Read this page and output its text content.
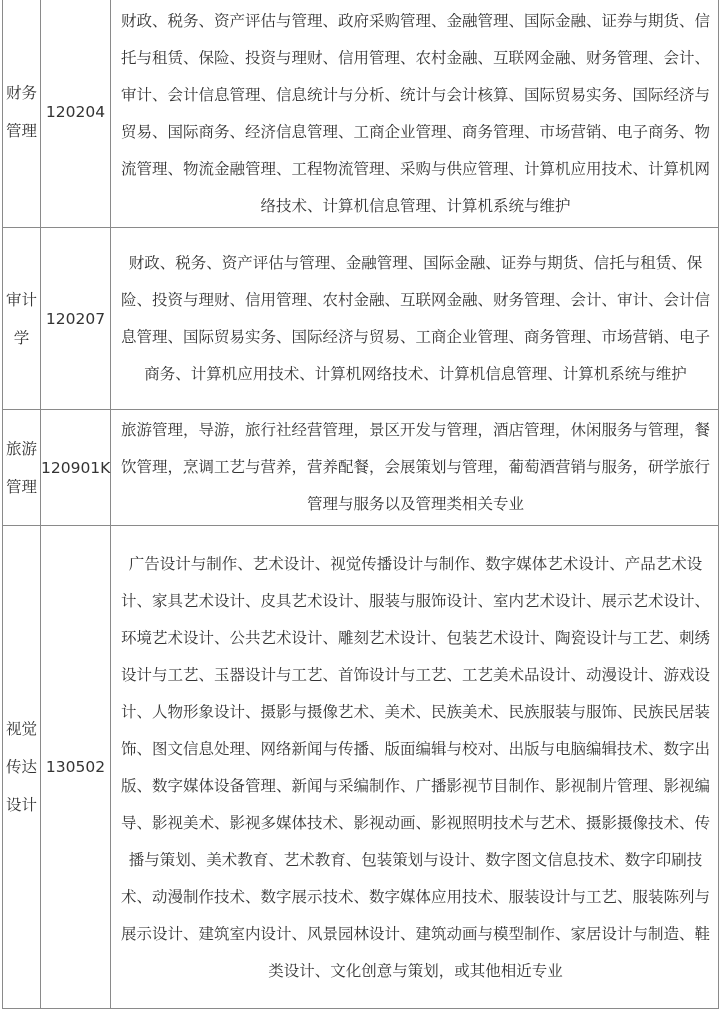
财务管理	120204	财政、税务、资产评估与管理、政府采购管理、金融管理、国际金融、证券与期货、信托与租赁、保险、投资与理财、信用管理、农村金融、互联网金融、财务管理、会计、审计、会计信息管理、信息统计与分析、统计与会计核算、国际贸易实务、国际经济与贸易、国际商务、经济信息管理、工商企业管理、商务管理、市场营销、电子商务、物流管理、物流金融管理、工程物流管理、采购与供应管理、计算机应用技术、计算机网络技术、计算机信息管理、计算机系统与维护
审计学	120207	财政、税务、资产评估与管理、金融管理、国际金融、证券与期货、信托与租赁、保险、投资与理财、信用管理、农村金融、互联网金融、财务管理、会计、审计、会计信息管理、国际贸易实务、国际经济与贸易、工商企业管理、商务管理、市场营销、电子商务、计算机应用技术、计算机网络技术、计算机信息管理、计算机系统与维护
旅游管理	120901K	旅游管理，导游，旅行社经营管理，景区开发与管理，酒店管理，休闲服务与管理，餐饮管理，烹调工艺与营养，营养配餐，会展策划与管理，葡萄酒营销与服务，研学旅行管理与服务以及管理类相关专业
视觉传达设计	130502	广告设计与制作、艺术设计、视觉传播设计与制作、数字媒体艺术设计、产品艺术设计、家具艺术设计、皮具艺术设计、服装与服饰设计、室内艺术设计、展示艺术设计、环境艺术设计、公共艺术设计、雕刻艺术设计、包装艺术设计、陶瓷设计与工艺、刺绣设计与工艺、玉器设计与工艺、首饰设计与工艺、工艺美术品设计、动漫设计、游戏设计、人物形象设计、摄影与摄像艺术、美术、民族美术、民族服装与服饰、民族民居装饰、图文信息处理、网络新闻与传播、版面编辑与校对、出版与电脑编辑技术、数字出版、数字媒体设备管理、新闻与采编制作、广播影视节目制作、影视制片管理、影视编导、影视美术、影视多媒体技术、影视动画、影视照明技术与艺术、摄影摄像技术、传播与策划、美术教育、艺术教育、包装策划与设计、数字图文信息技术、数字印刷技术、动漫制作技术、数字展示技术、数字媒体应用技术、服装设计与工艺、服装陈列与展示设计、建筑室内设计、风景园林设计、建筑动画与模型制作、家居设计与制造、鞋类设计、文化创意与策划，或其他相近专业
